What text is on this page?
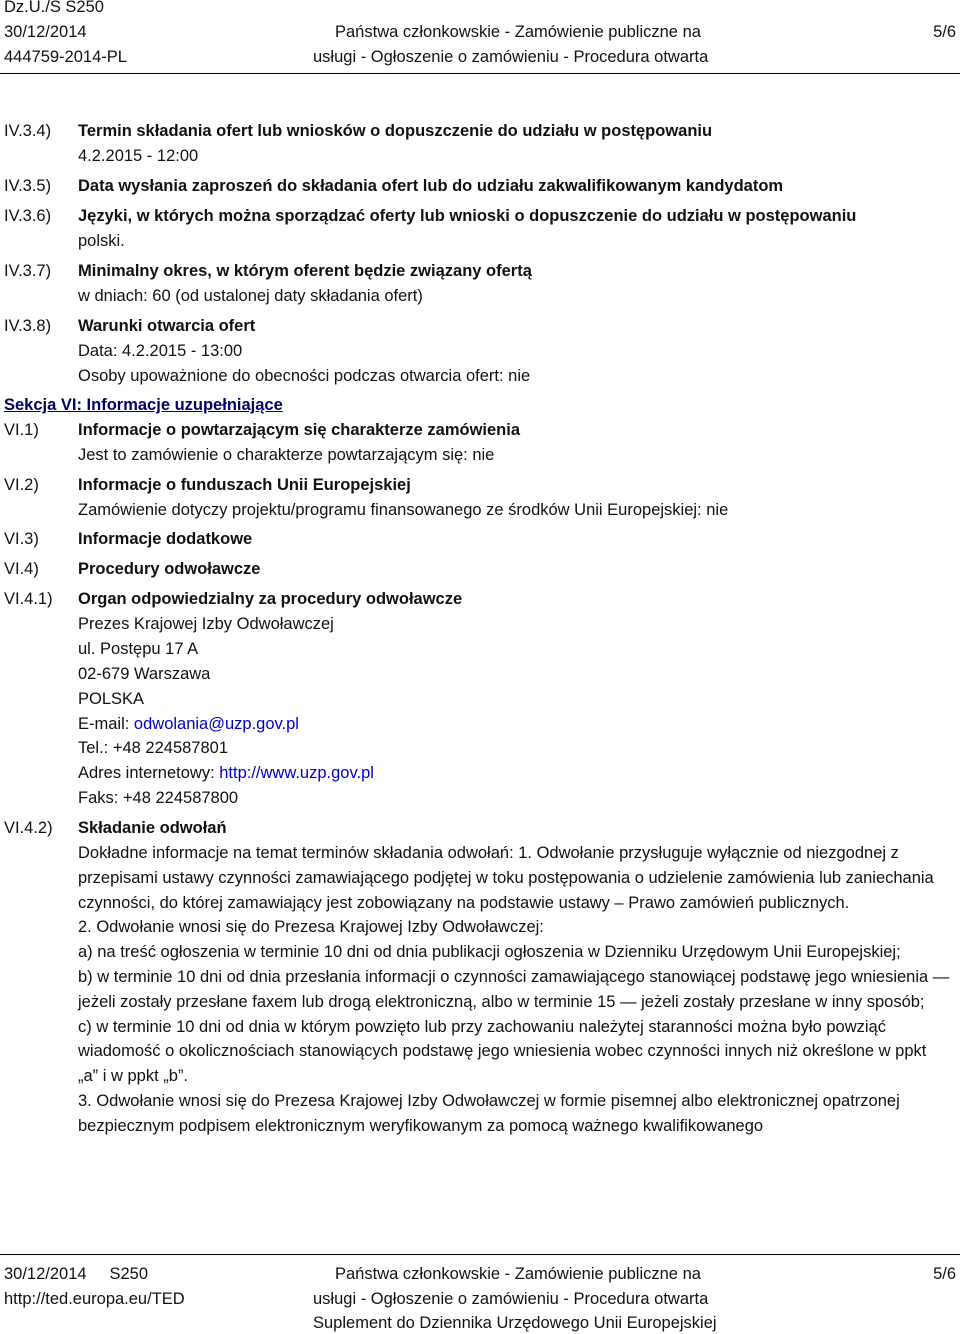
Dz.U./S S250
30/12/2014
444759-2014-PL
Państwa członkowskie - Zamówienie publiczne na
usługi - Ogłoszenie o zamówieniu - Procedura otwarta
5/6
IV.3.4) Termin składania ofert lub wniosków o dopuszczenie do udziału w postępowaniu
4.2.2015 - 12:00
IV.3.5) Data wysłania zaproszeń do składania ofert lub do udziału zakwalifikowanym kandydatom
IV.3.6) Języki, w których można sporządzać oferty lub wnioski o dopuszczenie do udziału w postępowaniu
polski.
IV.3.7) Minimalny okres, w którym oferent będzie związany ofertą
w dniach: 60 (od ustalonej daty składania ofert)
IV.3.8) Warunki otwarcia ofert
Data: 4.2.2015 - 13:00
Osoby upoważnione do obecności podczas otwarcia ofert: nie
Sekcja VI: Informacje uzupełniające
VI.1) Informacje o powtarzającym się charakterze zamówienia
Jest to zamówienie o charakterze powtarzającym się: nie
VI.2) Informacje o funduszach Unii Europejskiej
Zamówienie dotyczy projektu/programu finansowanego ze środków Unii Europejskiej: nie
VI.3) Informacje dodatkowe
VI.4) Procedury odwoławcze
VI.4.1) Organ odpowiedzialny za procedury odwoławcze
Prezes Krajowej Izby Odwoławczej
ul. Postępu 17 A
02-679 Warszawa
POLSKA
E-mail: odwolania@uzp.gov.pl
Tel.: +48 224587801
Adres internetowy: http://www.uzp.gov.pl
Faks: +48 224587800
VI.4.2) Składanie odwołań

Dokładne informacje na temat terminów składania odwołań: 1. Odwołanie przysługuje wyłącznie od niezgodnej z przepisami ustawy czynności zamawiającego podjętej w toku postępowania o udzielenie zamówienia lub zaniechania czynności, do której zamawiający jest zobowiązany na podstawie ustawy – Prawo zamówień publicznych.

2. Odwołanie wnosi się do Prezesa Krajowej Izby Odwoławczej:

a) na treść ogłoszenia w terminie 10 dni od dnia publikacji ogłoszenia w Dzienniku Urzędowym Unii Europejskiej;

b) w terminie 10 dni od dnia przesłania informacji o czynności zamawiającego stanowiącej podstawę jego wniesienia — jeżeli zostały przesłane faxem lub drogą elektroniczną, albo w terminie 15 — jeżeli zostały przesłane w inny sposób;

c) w terminie 10 dni od dnia w którym powzięto lub przy zachowaniu należytej staranności można było powziąć wiadomość o okolicznościach stanowiących podstawę jego wniesienia wobec czynności innych niż określone w ppkt „a” i w ppkt „b”.

3. Odwołanie wnosi się do Prezesa Krajowej Izby Odwoławczej w formie pisemnej albo elektronicznej opatrzonej bezpiecznym podpisem elektronicznym weryfikowanym za pomocą ważnego kwalifikowanego

30/12/2014     S250
http://ted.europa.eu/TED
Państwa członkowskie - Zamówienie publiczne na
usługi - Ogłoszenie o zamówieniu - Procedura otwarta
Suplement do Dziennika Urzędowego Unii Europejskiej
5/6
